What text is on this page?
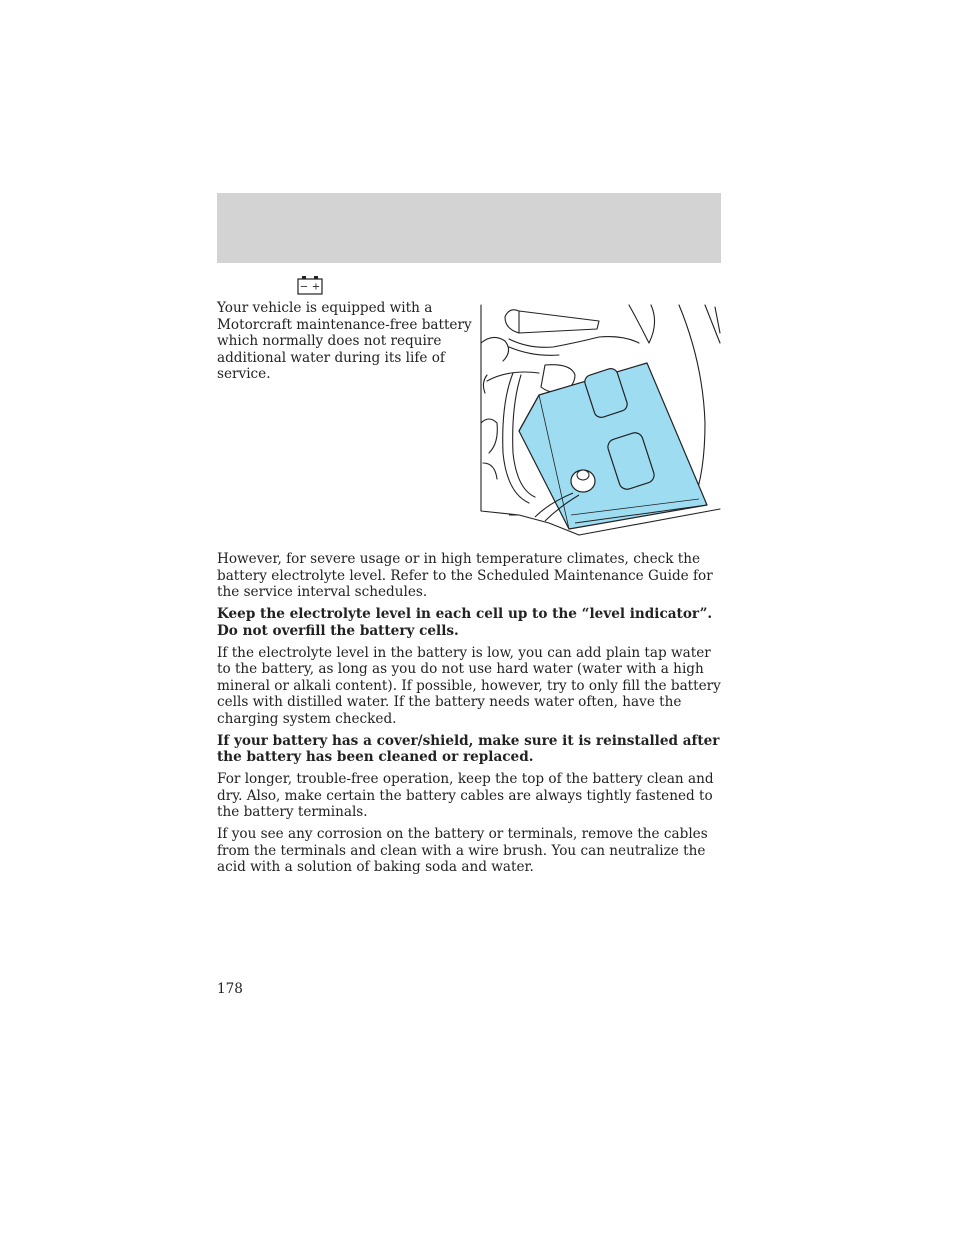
− +

Your vehicle is equipped with a Motorcraft maintenance-free battery which normally does not require additional water during its life of service.

However, for severe usage or in high temperature climates, check the battery electrolyte level. Refer to the Scheduled Maintenance Guide for the service interval schedules.

Keep the electrolyte level in each cell up to the “level indicator”. Do not overfill the battery cells.

If the electrolyte level in the battery is low, you can add plain tap water to the battery, as long as you do not use hard water (water with a high mineral or alkali content). If possible, however, try to only fill the battery cells with distilled water. If the battery needs water often, have the charging system checked.

If your battery has a cover/shield, make sure it is reinstalled after the battery has been cleaned or replaced.

For longer, trouble-free operation, keep the top of the battery clean and dry. Also, make certain the battery cables are always tightly fastened to the battery terminals.

If you see any corrosion on the battery or terminals, remove the cables from the terminals and clean with a wire brush. You can neutralize the acid with a solution of baking soda and water.

178
